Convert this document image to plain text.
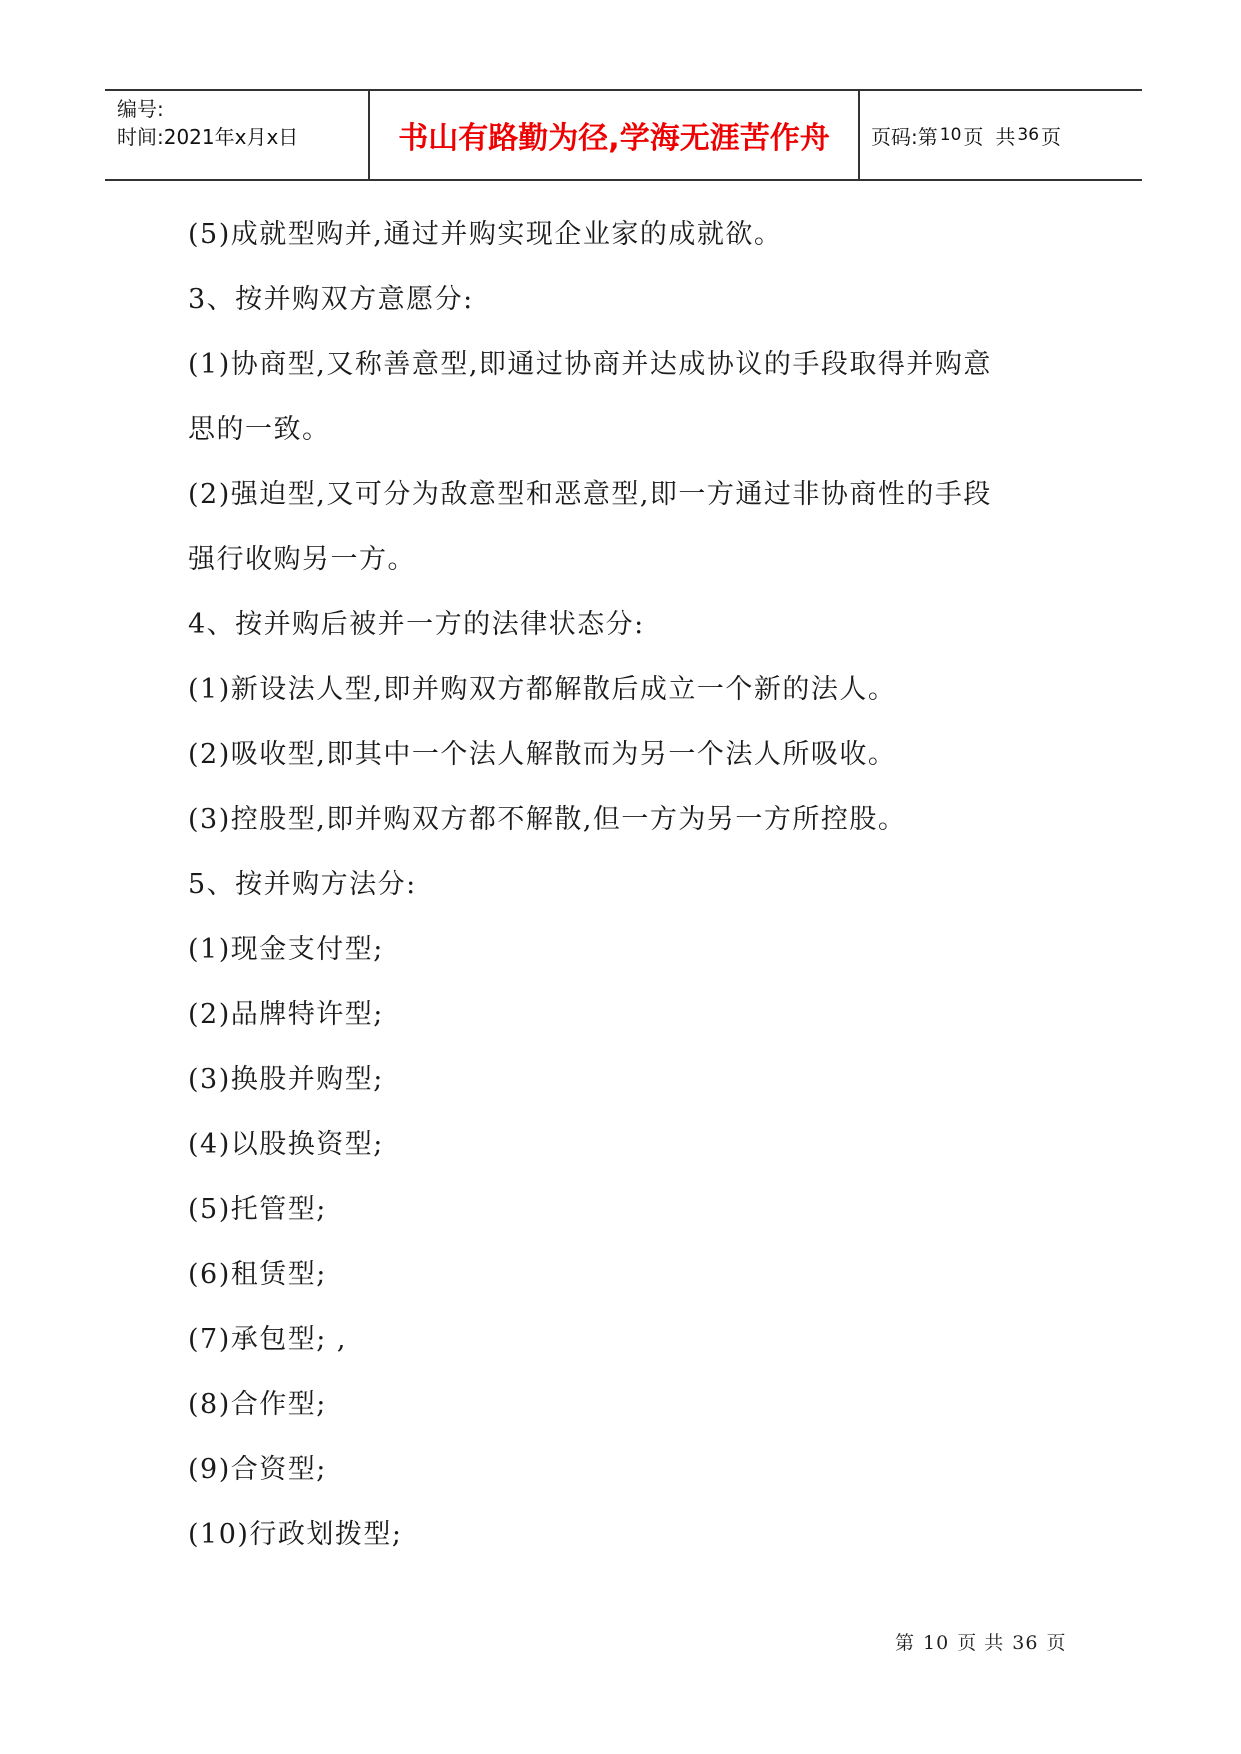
编号:
时间:2021年x月x日	书山有路勤为径,学海无涯苦作舟	页码:第 10 页 共 36 页

(5)成就型购并,通过并购实现企业家的成就欲。

3、按并购双方意愿分:

(1)协商型,又称善意型,即通过协商并达成协议的手段取得并购意

思的一致。

(2)强迫型,又可分为敌意型和恶意型,即一方通过非协商性的手段

强行收购另一方。

4、按并购后被并一方的法律状态分:

(1)新设法人型,即并购双方都解散后成立一个新的法人。

(2)吸收型,即其中一个法人解散而为另一个法人所吸收。

(3)控股型,即并购双方都不解散,但一方为另一方所控股。

5、按并购方法分:

(1)现金支付型;

(2)品牌特许型;

(3)换股并购型;

(4)以股换资型;

(5)托管型;

(6)租赁型;

(7)承包型; ,

(8)合作型;

(9)合资型;

(10)行政划拨型;

第 10 页 共 36 页
